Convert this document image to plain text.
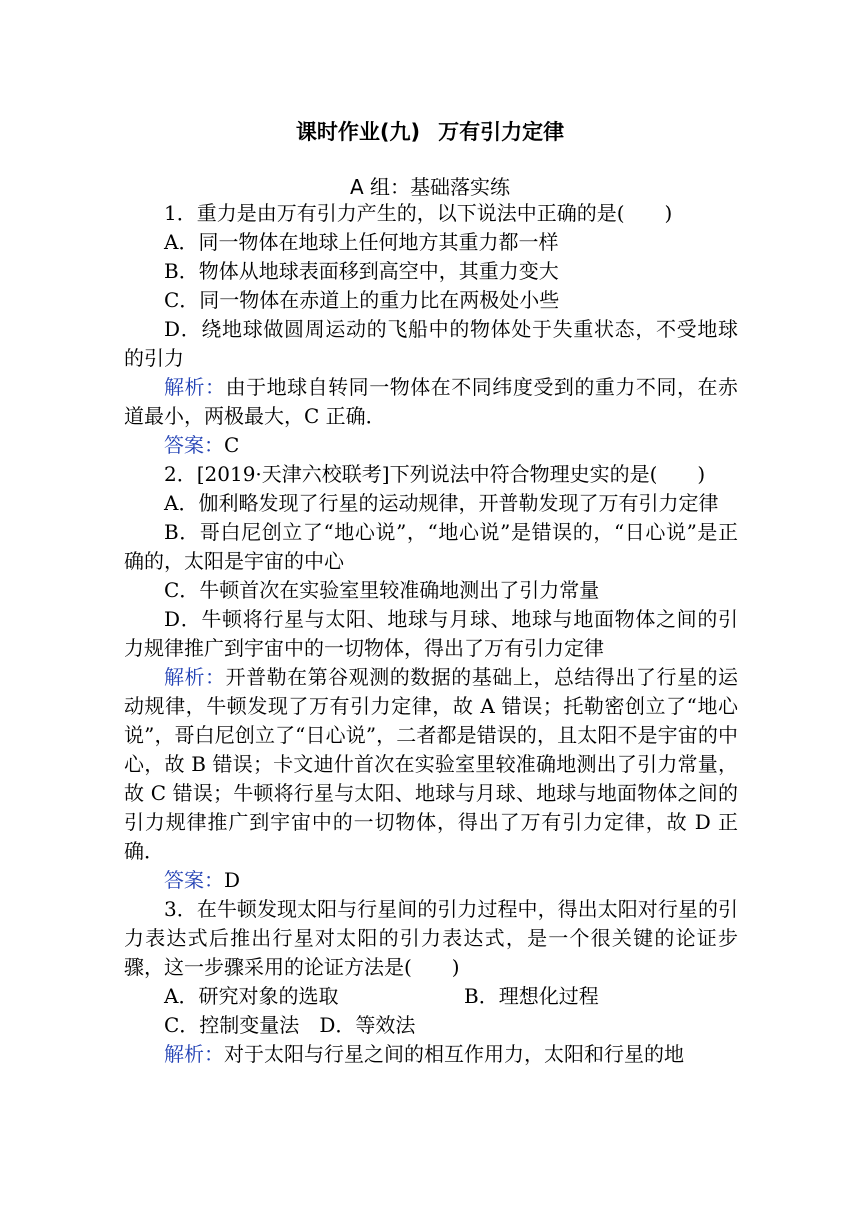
课时作业(九) 万有引力定律
A 组：基础落实练

1．重力是由万有引力产生的，以下说法中正确的是(　　)

A．同一物体在地球上任何地方其重力都一样

B．物体从地球表面移到高空中，其重力变大

C．同一物体在赤道上的重力比在两极处小些

D．绕地球做圆周运动的飞船中的物体处于失重状态，不受地球的引力

解析：由于地球自转同一物体在不同纬度受到的重力不同，在赤道最小，两极最大，C 正确．

答案：C

2．[2019·天津六校联考]下列说法中符合物理史实的是(　　)

A．伽利略发现了行星的运动规律，开普勒发现了万有引力定律

B．哥白尼创立了“地心说”，“地心说”是错误的，“日心说”是正确的，太阳是宇宙的中心

C．牛顿首次在实验室里较准确地测出了引力常量

D．牛顿将行星与太阳、地球与月球、地球与地面物体之间的引力规律推广到宇宙中的一切物体，得出了万有引力定律

解析：开普勒在第谷观测的数据的基础上，总结得出了行星的运动规律，牛顿发现了万有引力定律，故 A 错误；托勒密创立了“地心说”，哥白尼创立了“日心说”，二者都是错误的，且太阳不是宇宙的中心，故 B 错误；卡文迪什首次在实验室里较准确地测出了引力常量，故 C 错误；牛顿将行星与太阳、地球与月球、地球与地面物体之间的引力规律推广到宇宙中的一切物体，得出了万有引力定律，故 D 正确．

答案：D

3．在牛顿发现太阳与行星间的引力过程中，得出太阳对行星的引力表达式后推出行星对太阳的引力表达式，是一个很关键的论证步骤，这一步骤采用的论证方法是(　　)

A．研究对象的选取	B．理想化过程

C．控制变量法　 D．等效法

解析：对于太阳与行星之间的相互作用力，太阳和行星的地
